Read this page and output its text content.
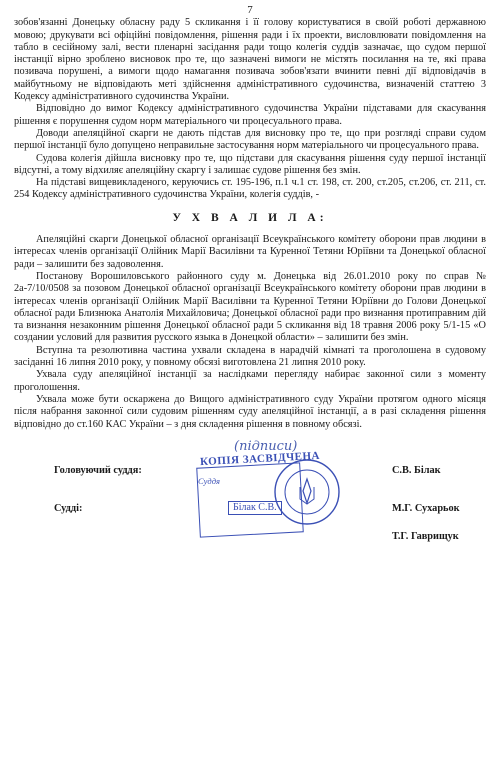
7

зобов'язанні Донецьку обласну раду 5 скликання і її голову користуватися в своїй роботі державною мовою; друкувати всі офіційні повідомлення, рішення ради і їх проекти, висловлювати повідомлення на табло в сесійному залі, вести пленарні засідання ради тощо колегія суддів зазначає, що судом першої інстанції вірно зроблено висновок про те, що зазначені вимоги не містять посилання на те, які права позивача порушені, а вимоги щодо намагання позивача зобов'язати вчинити певні дії відповідачів в майбутньому не відповідають меті здійснення адміністративного судочинства, визначеній статтею 3 Кодексу адміністративного судочинства України.

Відповідно до вимог Кодексу адміністративного судочинства України підставами для скасування рішення є порушення судом норм матеріального чи процесуального права.

Доводи апеляційної скарги не дають підстав для висновку про те, що при розгляді справи судом першої інстанції було допущено неправильне застосування норм матеріального чи процесуального права.

Судова колегія дійшла висновку про те, що підстави для скасування рішення суду першої інстанції відсутні, а тому відхиляє апеляційну скаргу і залишає судове рішення без змін.

На підставі вищевикладеного, керуючись ст. 195-196, п.1 ч.1 ст. 198, ст. 200, ст.205, ст.206, ст. 211, ст. 254 Кодексу адміністративного судочинства України, колегія суддів, -

У Х В А Л И Л А:

Апеляційні скарги Донецької обласної організації Всеукраїнського комітету оборони прав людини в інтересах членів організації Олійник Марії Василівни та Куренної Тетяни Юріївни та Донецької обласної ради – залишити без задоволення.

Постанову Ворошиловського районного суду м. Донецька від 26.01.2010 року по справ № 2а-7/10/0508 за позовом Донецької обласної організації Всеукраїнського комітету оборони прав людини в інтересах членів організації Олійник Марії Василівни та Куренної Тетяни Юріївни до Голови Донецької обласної ради Близнюка Анатолія Михайловича; Донецької обласної ради про визнання протиправним дій та визнання незаконним рішення Донецької обласної ради 5 скликання від 18 травня 2006 року 5/1-15 «О создании условий для развития русского языка в Донецкой области» – залишити без змін.

Вступна та резолютивна частина ухвали складена в нарадчій кімнаті та проголошена в судовому засіданні 16 липня 2010 року, у повному обсязі виготовлена 21 липня 2010 року.

Ухвала суду апеляційної інстанції за наслідками перегляду набирає законної сили з моменту проголошення.

Ухвала може бути оскаржена до Вищого адміністративного суду України протягом одного місяця після набрання законної сили судовим рішенням суду апеляційної інстанції, а в разі складення рішення відповідно до ст.160 КАС України – з дня складення рішення в повному обсязі.

(підписи)
Головуючий суддя:	С.В. Білак
Судді:	М.Г. Сухарьок
Т.Г. Гаврищук
КОПІЯ ЗАСВІДЧЕНА
Суддя
Білак С.В.
